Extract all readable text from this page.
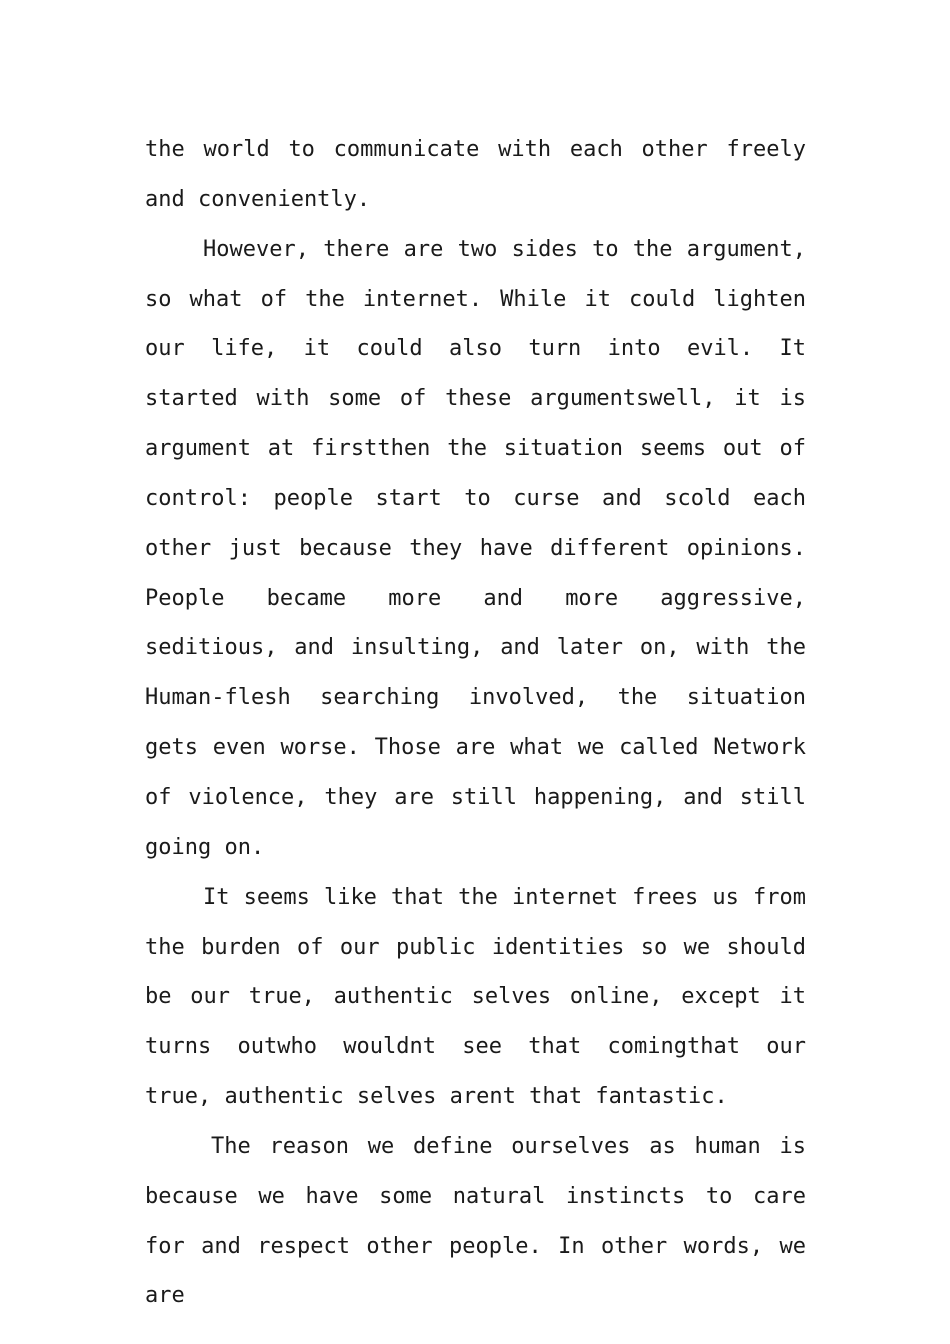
the world to communicate with each other freely and conveniently.

However, there are two sides to the argument, so what of the internet. While it could lighten our life, it could also turn into evil. It started with some of these argumentswell, it is argument at firstthen the situation seems out of control: people start to curse and scold each other just because they have different opinions. People became more and more aggressive, seditious, and insulting, and later on, with the Human-flesh searching involved, the situation gets even worse. Those are what we called Network of violence, they are still happening, and still going on.

It seems like that the internet frees us from the burden of our public identities so we should be our true, authentic selves online, except it turns outwho wouldnt see that comingthat our true, authentic selves arent that fantastic.

The reason we define ourselves as human is because we have some natural instincts to care for and respect other people. In other words, we are
